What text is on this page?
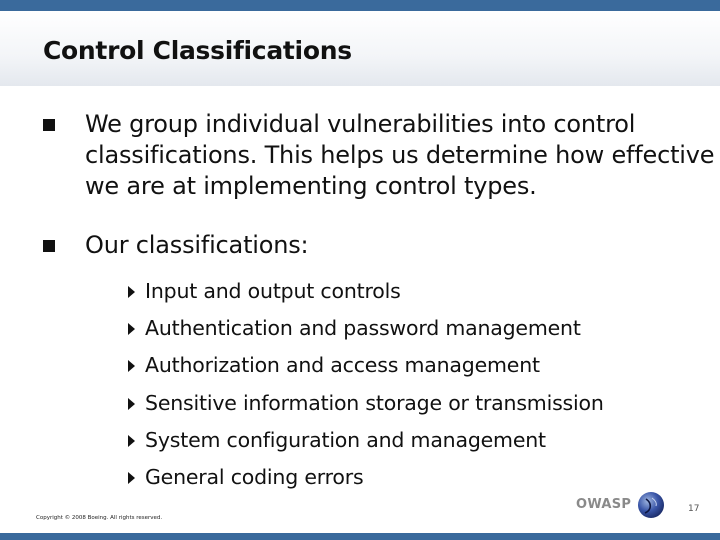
Control Classifications
We group individual vulnerabilities into control classifications. This helps us determine how effective we are at implementing control types.
Our classifications:
Input and output controls
Authentication and password management
Authorization and access management
Sensitive information storage or transmission
System configuration and management
General coding errors
Copyright © 2008 Boeing. All rights reserved.
OWASP	17
